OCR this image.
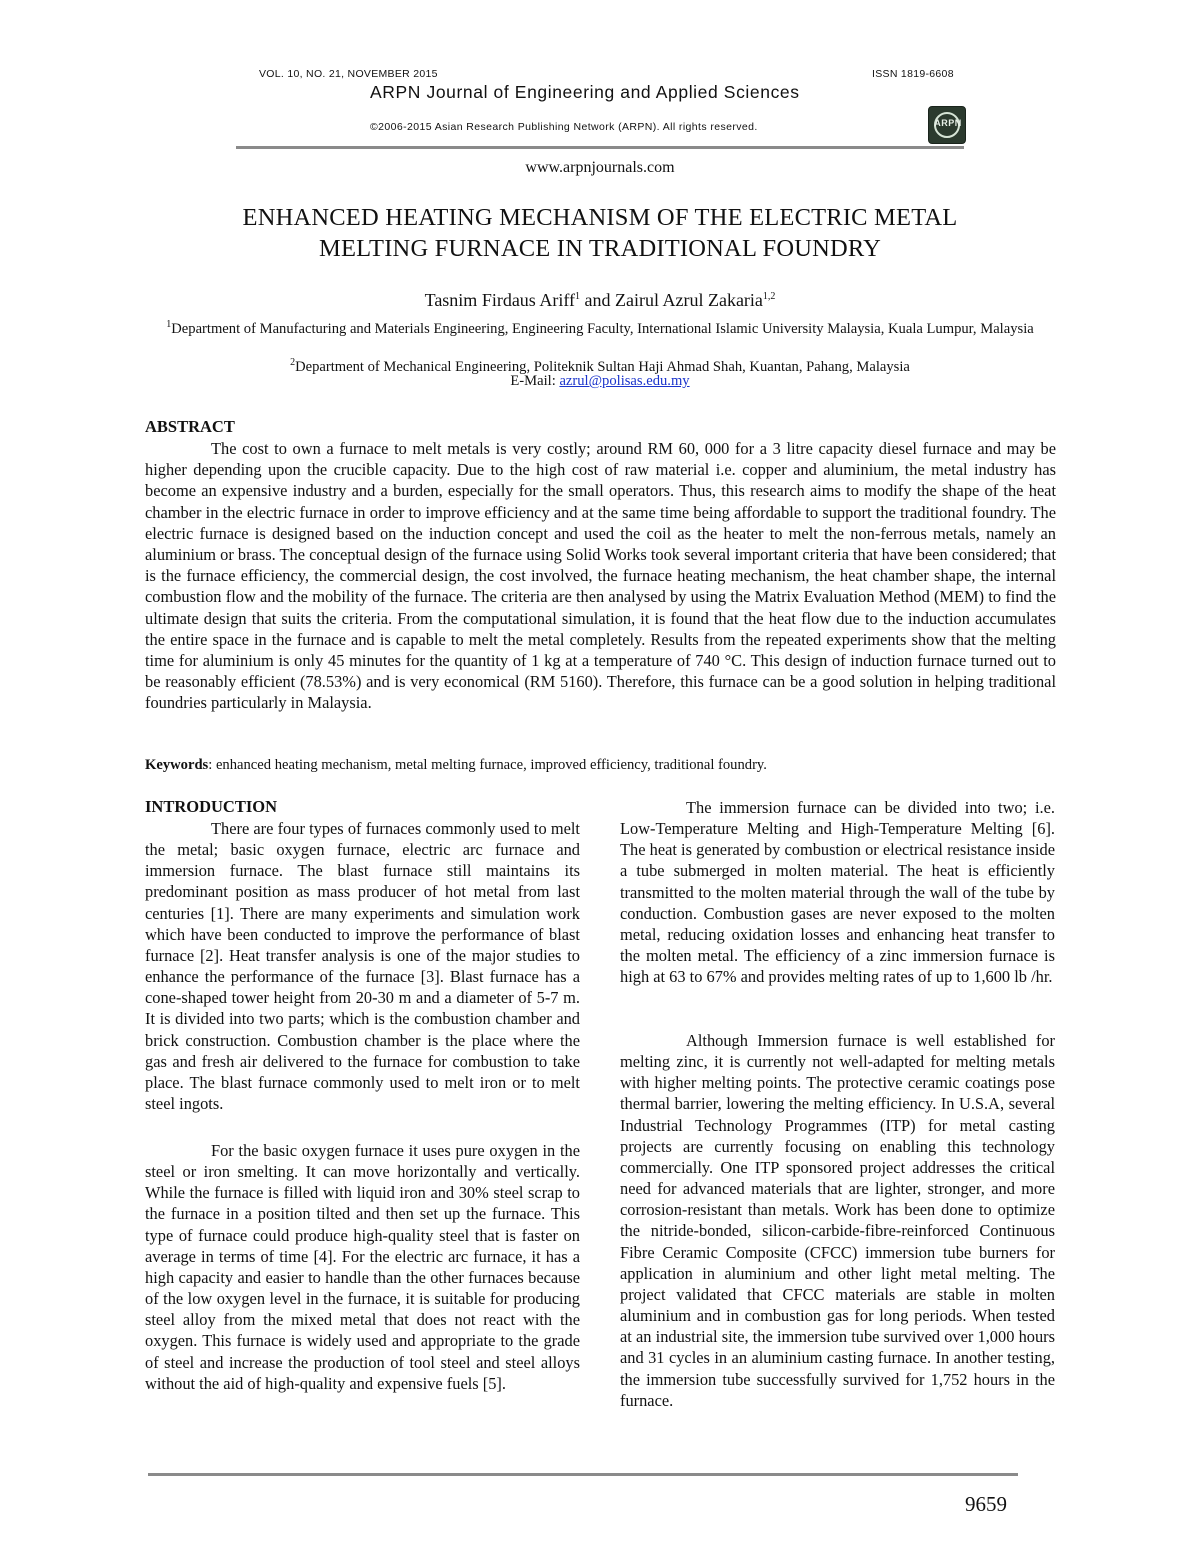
VOL. 10, NO. 21, NOVEMBER 2015	ISSN 1819-6608
ARPN Journal of Engineering and Applied Sciences
©2006-2015 Asian Research Publishing Network (ARPN). All rights reserved.	ARPN
www.arpnjournals.com
ENHANCED HEATING MECHANISM OF THE ELECTRIC METAL
MELTING FURNACE IN TRADITIONAL FOUNDRY
Tasnim Firdaus Ariff$^1$ and Zairul Azrul Zakaria$^{1,2}$
$^1$Department of Manufacturing and Materials Engineering, Engineering Faculty, International Islamic University Malaysia, Kuala Lumpur, Malaysia
$^2$Department of Mechanical Engineering, Politeknik Sultan Haji Ahmad Shah, Kuantan, Pahang, Malaysia
E-Mail: azrul@polisas.edu.my
ABSTRACT

The cost to own a furnace to melt metals is very costly; around RM 60, 000 for a 3 litre capacity diesel furnace and may be higher depending upon the crucible capacity. Due to the high cost of raw material i.e. copper and aluminium, the metal industry has become an expensive industry and a burden, especially for the small operators. Thus, this research aims to modify the shape of the heat chamber in the electric furnace in order to improve efficiency and at the same time being affordable to support the traditional foundry. The electric furnace is designed based on the induction concept and used the coil as the heater to melt the non-ferrous metals, namely an aluminium or brass. The conceptual design of the furnace using Solid Works took several important criteria that have been considered; that is the furnace efficiency, the commercial design, the cost involved, the furnace heating mechanism, the heat chamber shape, the internal combustion flow and the mobility of the furnace. The criteria are then analysed by using the Matrix Evaluation Method (MEM) to find the ultimate design that suits the criteria. From the computational simulation, it is found that the heat flow due to the induction accumulates the entire space in the furnace and is capable to melt the metal completely. Results from the repeated experiments show that the melting time for aluminium is only 45 minutes for the quantity of 1 kg at a temperature of 740 °C. This design of induction furnace turned out to be reasonably efficient (78.53%) and is very economical (RM 5160). Therefore, this furnace can be a good solution in helping traditional foundries particularly in Malaysia.

Keywords: enhanced heating mechanism, metal melting furnace, improved efficiency, traditional foundry.
INTRODUCTION

There are four types of furnaces commonly used to melt the metal; basic oxygen furnace, electric arc furnace and immersion furnace. The blast furnace still maintains its predominant position as mass producer of hot metal from last centuries [1]. There are many experiments and simulation work which have been conducted to improve the performance of blast furnace [2]. Heat transfer analysis is one of the major studies to enhance the performance of the furnace [3]. Blast furnace has a cone-shaped tower height from 20-30 m and a diameter of 5-7 m. It is divided into two parts; which is the combustion chamber and brick construction. Combustion chamber is the place where the gas and fresh air delivered to the furnace for combustion to take place. The blast furnace commonly used to melt iron or to melt steel ingots.

For the basic oxygen furnace it uses pure oxygen in the steel or iron smelting. It can move horizontally and vertically. While the furnace is filled with liquid iron and 30% steel scrap to the furnace in a position tilted and then set up the furnace. This type of furnace could produce high-quality steel that is faster on average in terms of time [4]. For the electric arc furnace, it has a high capacity and easier to handle than the other furnaces because of the low oxygen level in the furnace, it is suitable for producing steel alloy from the mixed metal that does not react with the oxygen. This furnace is widely used and appropriate to the grade of steel and increase the production of tool steel and steel alloys without the aid of high-quality and expensive fuels [5].

The immersion furnace can be divided into two; i.e. Low-Temperature Melting and High-Temperature Melting [6]. The heat is generated by combustion or electrical resistance inside a tube submerged in molten material. The heat is efficiently transmitted to the molten material through the wall of the tube by conduction. Combustion gases are never exposed to the molten metal, reducing oxidation losses and enhancing heat transfer to the molten metal. The efficiency of a zinc immersion furnace is high at 63 to 67% and provides melting rates of up to 1,600 lb /hr.

Although Immersion furnace is well established for melting zinc, it is currently not well-adapted for melting metals with higher melting points. The protective ceramic coatings pose thermal barrier, lowering the melting efficiency. In U.S.A, several Industrial Technology Programmes (ITP) for metal casting projects are currently focusing on enabling this technology commercially. One ITP sponsored project addresses the critical need for advanced materials that are lighter, stronger, and more corrosion-resistant than metals. Work has been done to optimize the nitride-bonded, silicon-carbide-fibre-reinforced Continuous Fibre Ceramic Composite (CFCC) immersion tube burners for application in aluminium and other light metal melting. The project validated that CFCC materials are stable in molten aluminium and in combustion gas for long periods. When tested at an industrial site, the immersion tube survived over 1,000 hours and 31 cycles in an aluminium casting furnace. In another testing, the immersion tube successfully survived for 1,752 hours in the furnace.

9659
